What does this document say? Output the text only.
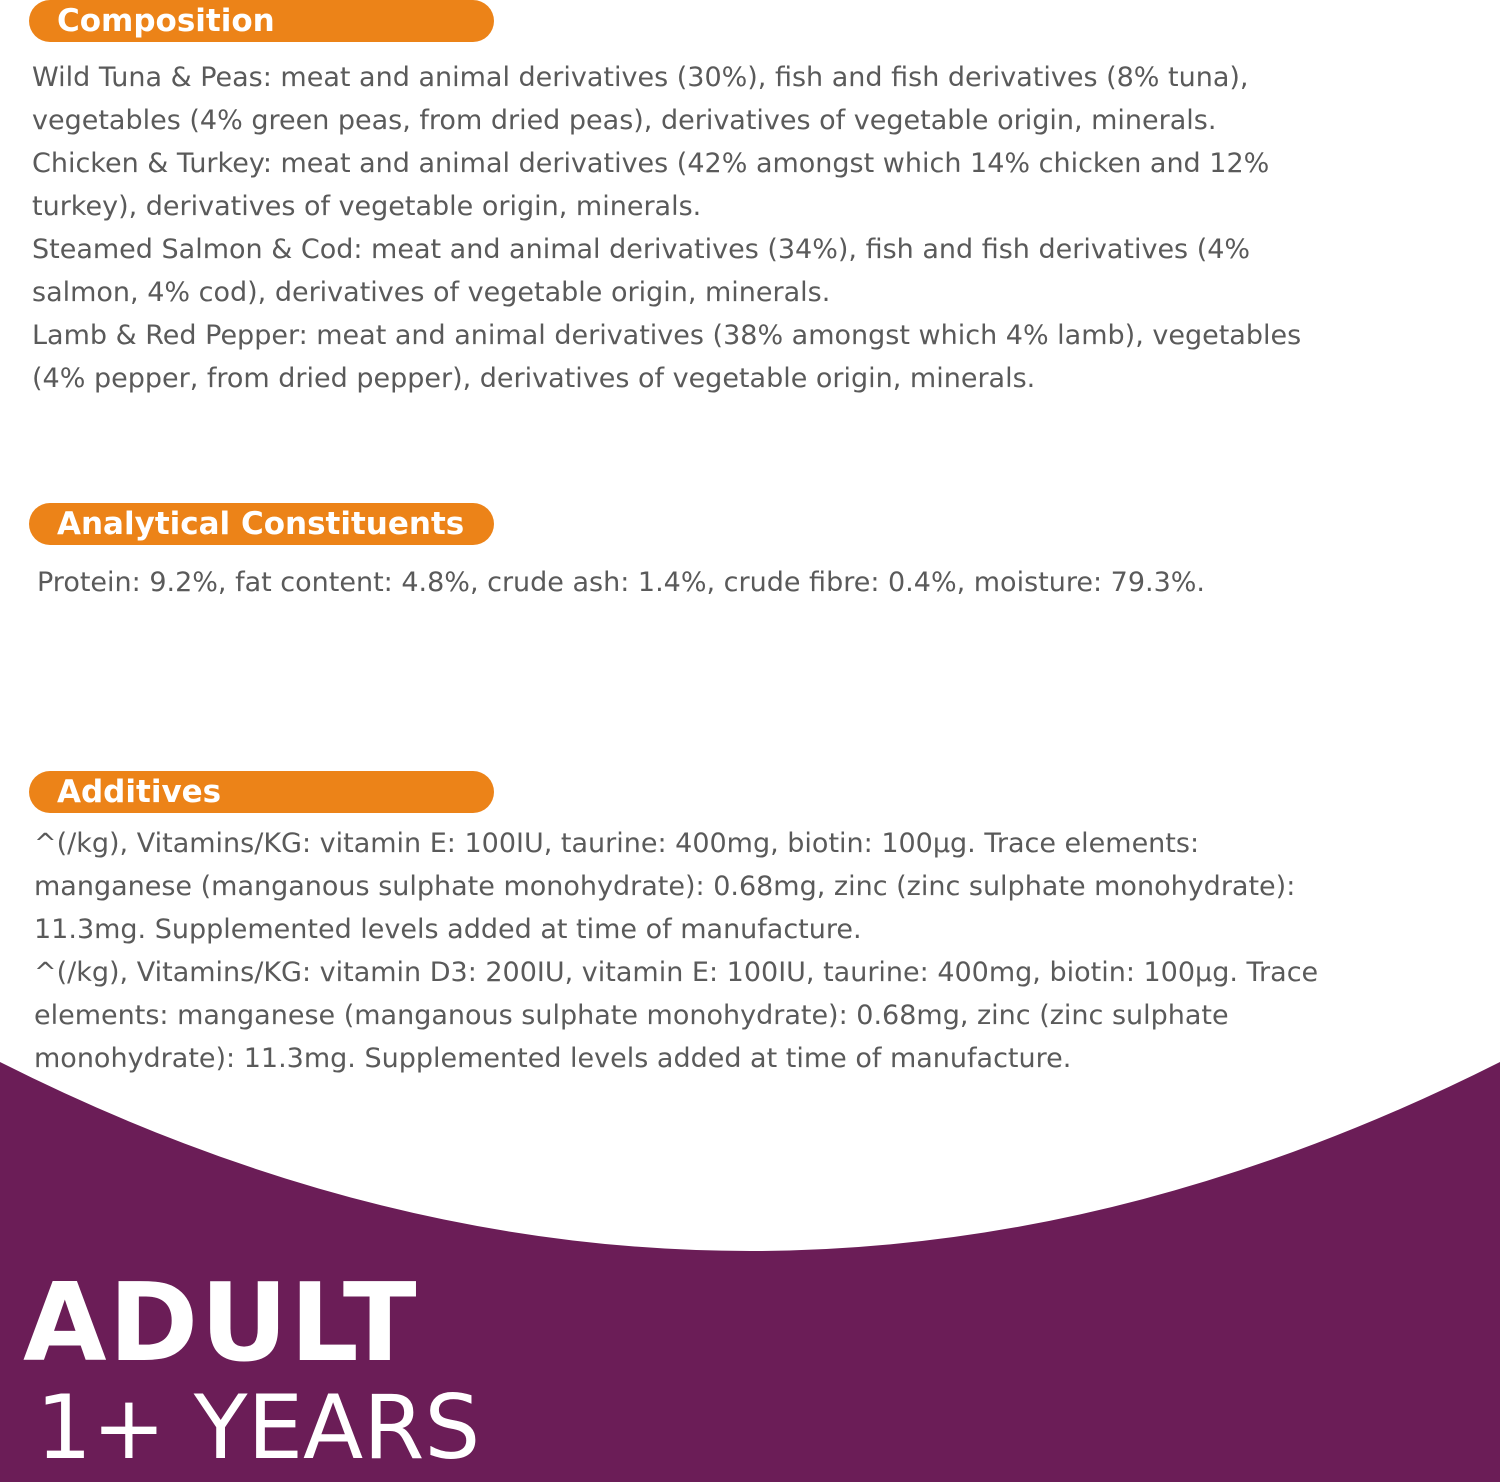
Composition
Wild Tuna & Peas: meat and animal derivatives (30%), fish and fish derivatives (8% tuna),
vegetables (4% green peas, from dried peas), derivatives of vegetable origin, minerals.
Chicken & Turkey: meat and animal derivatives (42% amongst which 14% chicken and 12%
turkey), derivatives of vegetable origin, minerals.
Steamed Salmon & Cod: meat and animal derivatives (34%), fish and fish derivatives (4%
salmon, 4% cod), derivatives of vegetable origin, minerals.
Lamb & Red Pepper: meat and animal derivatives (38% amongst which 4% lamb), vegetables
(4% pepper, from dried pepper), derivatives of vegetable origin, minerals.
Analytical Constituents
Protein: 9.2%, fat content: 4.8%, crude ash: 1.4%, crude fibre: 0.4%, moisture: 79.3%.
Additives
^(/kg), Vitamins/KG: vitamin E: 100IU, taurine: 400mg, biotin: 100μg. Trace elements:
manganese (manganous sulphate monohydrate): 0.68mg, zinc (zinc sulphate monohydrate):
11.3mg. Supplemented levels added at time of manufacture.
^(/kg), Vitamins/KG: vitamin D3: 200IU, vitamin E: 100IU, taurine: 400mg, biotin: 100μg. Trace
elements: manganese (manganous sulphate monohydrate): 0.68mg, zinc (zinc sulphate
monohydrate): 11.3mg. Supplemented levels added at time of manufacture.
ADULT
1+ YEARS
